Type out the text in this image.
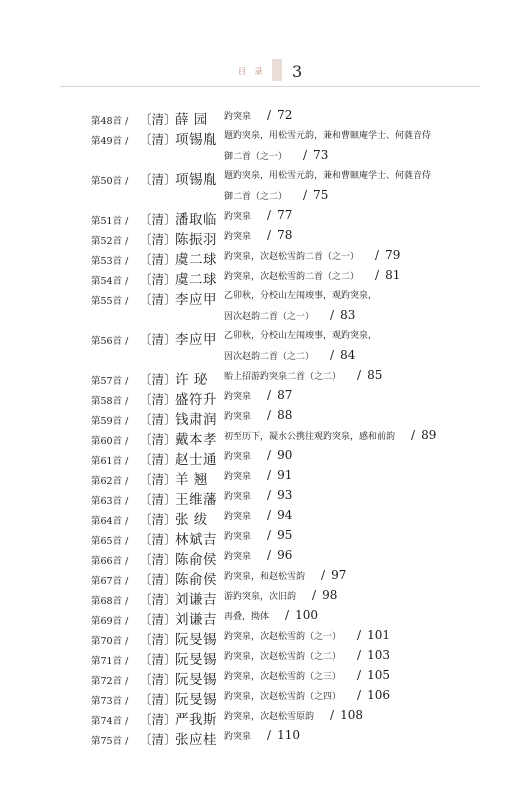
目 录 3
第48首 / 〔清〕
薛 园 趵突泉 / 72
第49首 / 〔清〕
项锡胤 题趵突泉，用松雪元韵，兼和曹颐庵学士、何蕤音侍
御二首（之一） / 73
第50首 / 〔清〕
项锡胤 题趵突泉，用松雪元韵，兼和曹颐庵学士、何蕤音侍
御二首（之二） / 75
第51首 / 〔清〕
潘取临 趵突泉 / 77
第52首 / 〔清〕
陈振羽 趵突泉 / 78
第53首 / 〔清〕
虞二球 趵突泉，次赵松雪韵二首（之一） / 79
第54首 / 〔清〕
虞二球 趵突泉，次赵松雪韵二首（之二） / 81
第55首 / 〔清〕
李应甲 乙卯秋，分校山左闱竣事，观趵突泉，
因次赵韵二首（之一） / 83
第56首 / 〔清〕
李应甲 乙卯秋，分校山左闱竣事，观趵突泉，
因次赵韵二首（之二） / 84
第57首 / 〔清〕
许 珌 贻上招游趵突泉二首（之二） / 85
第58首 / 〔清〕
盛符升 趵突泉 / 87
第59首 / 〔清〕
钱肃润 趵突泉 / 88
第60首 / 〔清〕
戴本孝 初至历下，凝水公携往观趵突泉，感和前韵 / 89
第61首 / 〔清〕
赵士通 趵突泉 / 90
第62首 / 〔清〕
羊 翘 趵突泉 / 91
第63首 / 〔清〕
王维藩 趵突泉 / 93
第64首 / 〔清〕
张 绂 趵突泉 / 94
第65首 / 〔清〕
林斌吉 趵突泉 / 95
第66首 / 〔清〕
陈俞侯 趵突泉 / 96
第67首 / 〔清〕
陈俞侯 趵突泉，和赵松雪韵 / 97
第68首 / 〔清〕
刘谦吉 游趵突泉，次旧韵 / 98
第69首 / 〔清〕
刘谦吉 再叠，拗体 / 100
第70首 / 〔清〕
阮旻锡 趵突泉，次赵松雪韵（之一） / 101
第71首 / 〔清〕
阮旻锡 趵突泉，次赵松雪韵（之二） / 103
第72首 / 〔清〕
阮旻锡 趵突泉，次赵松雪韵（之三） / 105
第73首 / 〔清〕
阮旻锡 趵突泉，次赵松雪韵（之四） / 106
第74首 / 〔清〕
严我斯 趵突泉，次赵松雪原韵 / 108
第75首 / 〔清〕
张应桂 趵突泉 / 110
